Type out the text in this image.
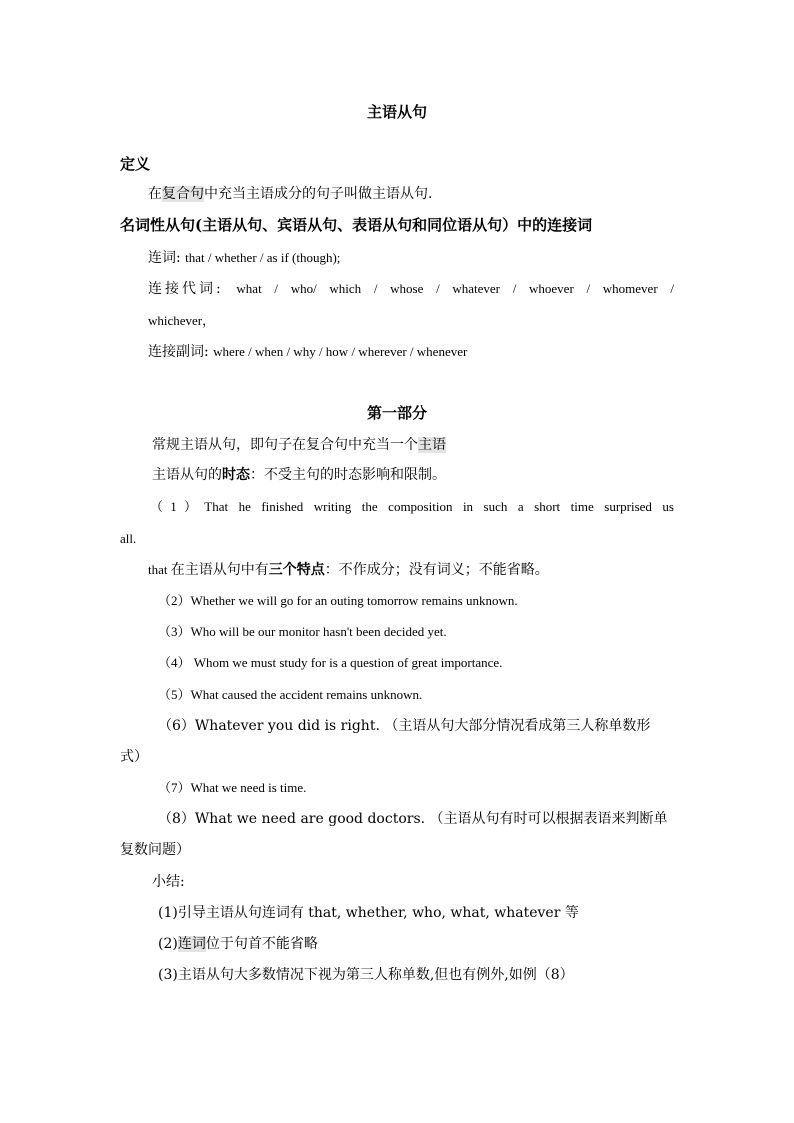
主语从句
定义
在复合句中充当主语成分的句子叫做主语从句.
名词性从句(主语从句、宾语从句、表语从句和同位语从句）中的连接词
连词: that / whether / as if (though);
连接代词: what / who/ which / whose / whatever / whoever / whomever /
whichever，
连接副词: where / when / why / how / wherever / whenever
第一部分
常规主语从句，即句子在复合句中充当一个主语
主语从句的时态：不受主句的时态影响和限制。
（1）That he finished writing the composition in such a short time surprised us
all.
that 在主语从句中有三个特点：不作成分；没有词义；不能省略。
（2）Whether we will go for an outing tomorrow remains unknown.
（3）Who will be our monitor hasn't been decided yet.
（4） Whom we must study for is a question of great importance.
（5）What caused the accident remains unknown.
（6）Whatever you did is right. （主语从句大部分情况看成第三人称单数形
式）
（7）What we need is time.
（8）What we need are good doctors. （主语从句有时可以根据表语来判断单
复数问题）
小结:
(1)引导主语从句连词有 that, whether, who, what, whatever 等
(2)连词位于句首不能省略
(3)主语从句大多数情况下视为第三人称单数,但也有例外,如例（8）
